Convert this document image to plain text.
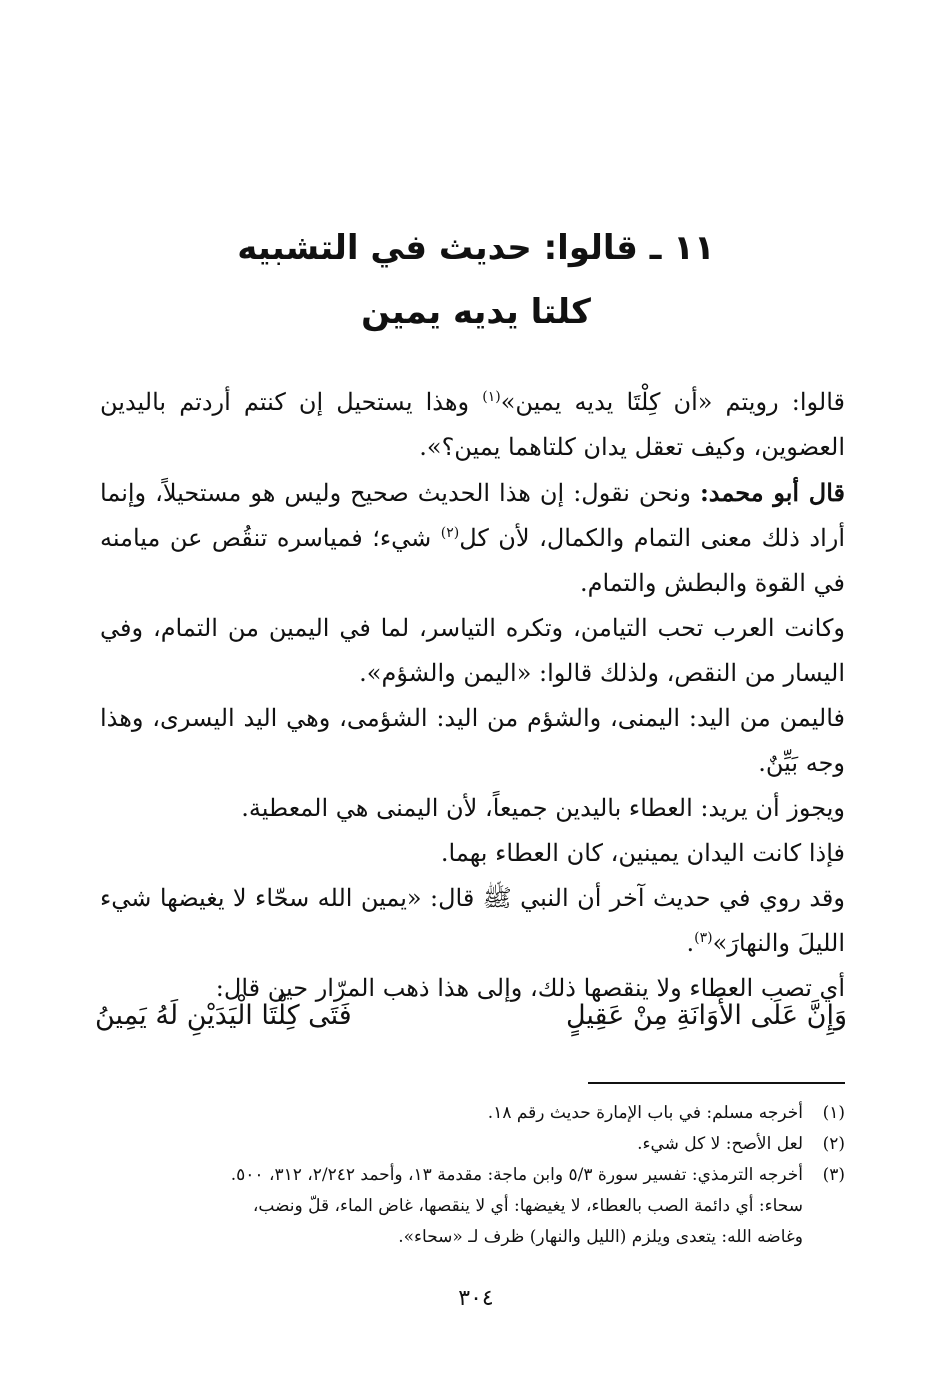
١١ ـ قالوا: حديث في التشبيه
كلتا يديه يمين

قالوا: رويتم «أن كِلْتَا يديه يمين»$^{(١)}$ وهذا يستحيل إن كنتم أردتم باليدين العضوين، وكيف تعقل يدان كلتاهما يمين؟».

قال أبو محمد: ونحن نقول: إن هذا الحديث صحيح وليس هو مستحيلاً، وإنما أراد ذلك معنى التمام والكمال، لأن كل$^{(٢)}$ شيء؛ فمياسره تنقُص عن ميامنه في القوة والبطش والتمام.

وكانت العرب تحب التيامن، وتكره التياسر، لما في اليمين من التمام، وفي اليسار من النقص، ولذلك قالوا: «اليمن والشؤم».

فاليمن من اليد: اليمنى، والشؤم من اليد: الشؤمى، وهي اليد اليسرى، وهذا وجه بَيِّنٌ.

ويجوز أن يريد: العطاء باليدين جميعاً، لأن اليمنى هي المعطية.

فإذا كانت اليدان يمينين، كان العطاء بهما.

وقد روي في حديث آخر أن النبي ﷺ قال: «يمين الله سحّاء لا يغيضها شيء الليلَ والنهارَ»$^{(٣)}$.

أي تصب العطاء ولا ينقصها ذلك، وإلى هذا ذهب المرّار حين قال:

وَإِنَّ عَلَى الأَوَانَةِ مِنْ عَقِيلٍ
فَتَى كِلْتَا الْيَدَيْنِ لَهُ يَمِينُ
(١)
أخرجه مسلم: في باب الإمارة حديث رقم ١٨.
(٢)
لعل الأصح: لا كل شيء.
(٣)
أخرجه الترمذي: تفسير سورة ٥/٣ وابن ماجة: مقدمة ١٣، وأحمد ٢/٢٤٢، ٣١٢، ٥٠٠.
سحاء: أي دائمة الصب بالعطاء، لا يغيضها: أي لا ينقصها، غاض الماء، قلّ ونضب،
وغاضه الله: يتعدى ويلزم (الليل والنهار) ظرف لـ «سحاء».
٣٠٤
